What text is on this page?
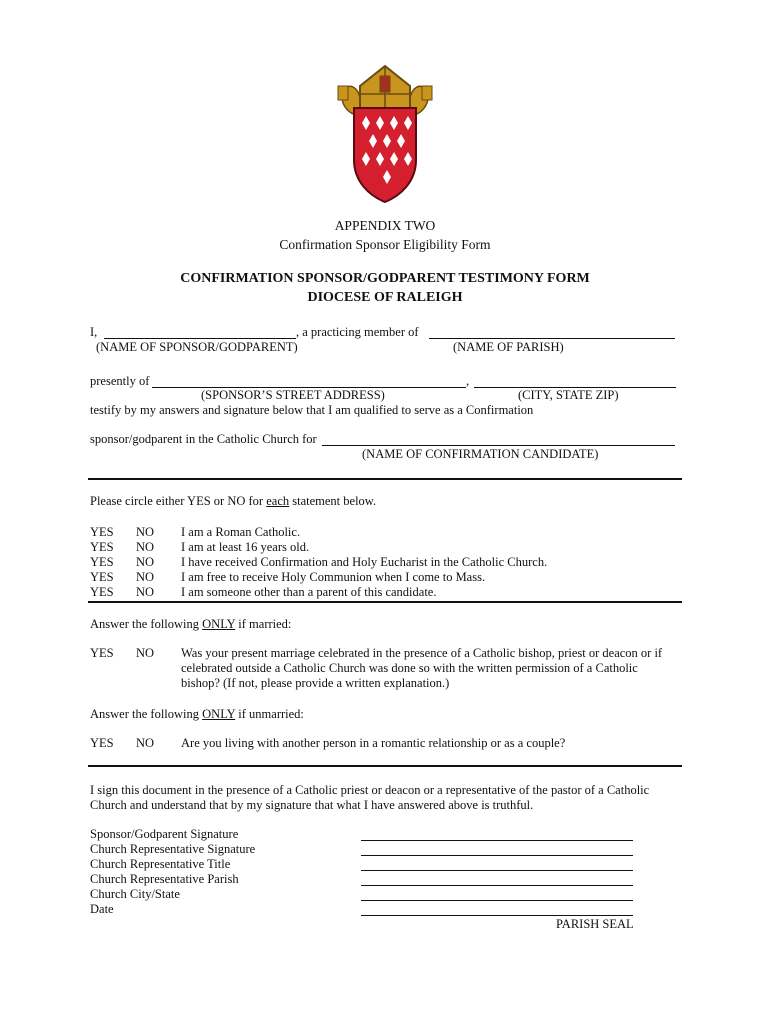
APPENDIX TWO
Confirmation Sponsor Eligibility Form
CONFIRMATION SPONSOR/GODPARENT TESTIMONY FORM
DIOCESE OF RALEIGH
I,	, a practicing member of
(NAME OF SPONSOR/GODPARENT)	(NAME OF PARISH)
presently of	,
(SPONSOR’S STREET ADDRESS)	(CITY, STATE ZIP)
testify by my answers and signature below that I am qualified to serve as a Confirmation
sponsor/godparent in the Catholic Church for
(NAME OF CONFIRMATION CANDIDATE)
Please circle either YES or NO for each statement below.
YES NO I am a Roman Catholic.
YES NO I am at least 16 years old.
YES NO I have received Confirmation and Holy Eucharist in the Catholic Church.
YES NO I am free to receive Holy Communion when I come to Mass.
YES NO I am someone other than a parent of this candidate.
Answer the following ONLY if married:
YES NO Was your present marriage celebrated in the presence of a Catholic bishop, priest or deacon or if
celebrated outside a Catholic Church was done so with the written permission of a Catholic
bishop? (If not, please provide a written explanation.)
Answer the following ONLY if unmarried:
YES NO Are you living with another person in a romantic relationship or as a couple?
I sign this document in the presence of a Catholic priest or deacon or a representative of the pastor of a Catholic
Church and understand that by my signature that what I have answered above is truthful.
Sponsor/Godparent Signature
Church Representative Signature
Church Representative Title
Church Representative Parish
Church City/State
Date
PARISH SEAL
